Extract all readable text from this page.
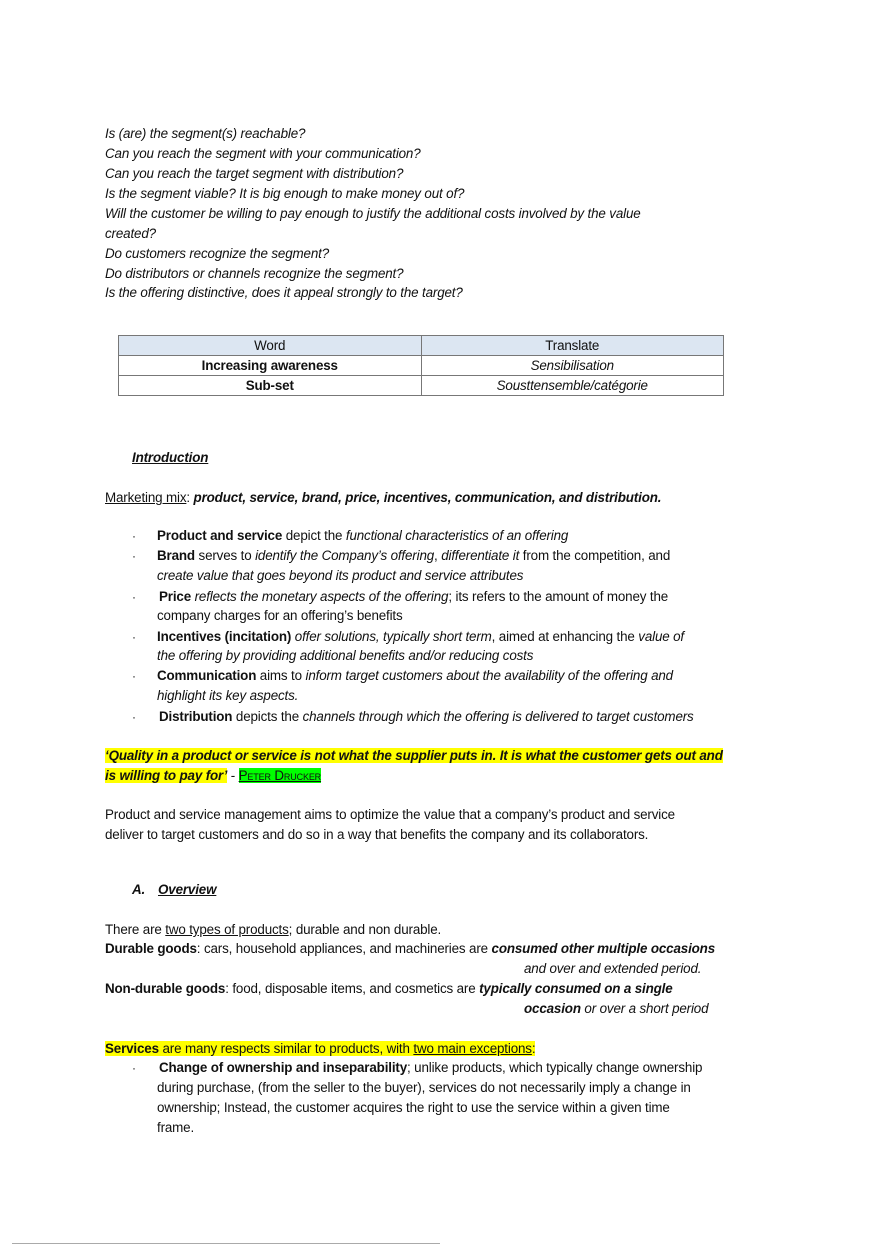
Is (are) the segment(s) reachable?
Can you reach the segment with your communication?
Can you reach the target segment with distribution?
Is the segment viable? It is big enough to make money out of?
Will the customer be willing to pay enough to justify the additional costs involved by the value
created?
Do customers recognize the segment?
Do distributors or channels recognize the segment?
Is the offering distinctive, does it appeal strongly to the target?
Word	Translate
Increasing awareness	Sensibilisation
Sub-set	Sousttensemble/catégorie
Introduction
Marketing mix: product, service, brand, price, incentives, communication, and distribution.
· Product and service depict the functional characteristics of an offering
· Brand serves to identify the Company’s offering, differentiate it from the competition, and
create value that goes beyond its product and service attributes
· Price reflects the monetary aspects of the offering; its refers to the amount of money the
company charges for an offering’s benefits
· Incentives (incitation) offer solutions, typically short term, aimed at enhancing the value of
the offering by providing additional benefits and/or reducing costs
· Communication aims to inform target customers about the availability of the offering and
highlight its key aspects.
· Distribution depicts the channels through which the offering is delivered to target customers
‘Quality in a product or service is not what the supplier puts in. It is what the customer gets out and
is willing to pay for’ - Peter Drucker
Product and service management aims to optimize the value that a company’s product and service
deliver to target customers and do so in a way that benefits the company and its collaborators.
A. Overview
There are two types of products; durable and non durable.
Durable goods: cars, household appliances, and machineries are consumed other multiple occasions
and over and extended period.
Non-durable goods: food, disposable items, and cosmetics are typically consumed on a single
occasion or over a short period
Services are many respects similar to products, with two main exceptions:
· Change of ownership and inseparability; unlike products, which typically change ownership
during purchase, (from the seller to the buyer), services do not necessarily imply a change in
ownership; Instead, the customer acquires the right to use the service within a given time
frame.
